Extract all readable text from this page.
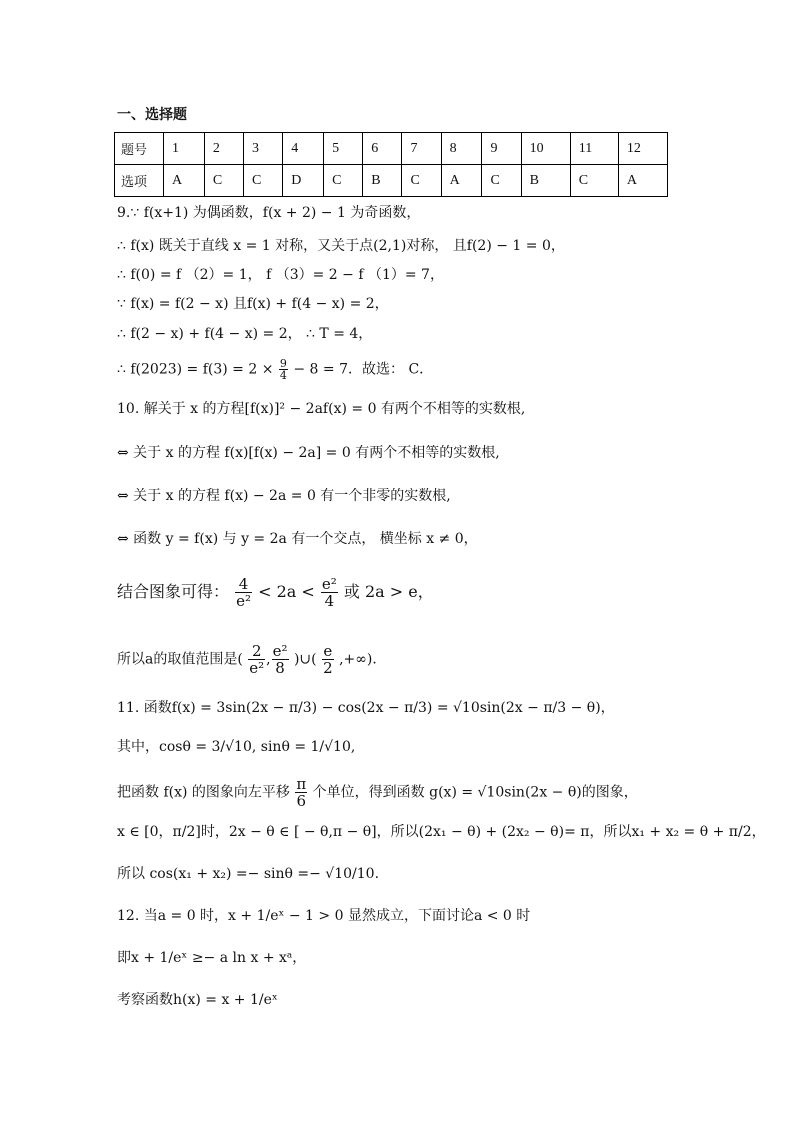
一、选择题
题号	1	2	3	4	5	6	7	8	9	10	11	12
选项	A	C	C	D	C	B	C	A	C	B	C	A
9.∵ f(x+1) 为偶函数，f(x + 2) − 1 为奇函数，
∴ f(x) 既关于直线 x = 1 对称，又关于点(2,1)对称， 且f(2) − 1 = 0，
∴ f(0) = f （2）= 1， f （3）= 2 − f （1）= 7，
∵ f(x) = f(2 − x) 且f(x) + f(4 − x) = 2，
∴ f(2 − x) + f(4 − x) = 2， ∴ T = 4，
∴ $f(2023) = f(3) = 2 \times \frac{9}{4} - 8 = 7$．故选： C．
10. 解关于 x 的方程[f(x)]² − 2af(x) = 0 有两个不相等的实数根,
⇔ 关于 x 的方程 f(x)[f(x) − 2a] = 0 有两个不相等的实数根,
⇔ 关于 x 的方程 f(x) − 2a = 0 有一个非零的实数根,
⇔ 函数 y = f(x) 与 y = 2a 有一个交点， 横坐标 x ≠ 0，
结合图象可得： $\frac{4}{\text{e²}} < 2a < \frac{\text{e²}}{4}$ 或 2a > e，
所以a的取值范围是( $\frac{2}{\text{e²}}$ , $\frac{\text{e²}}{8}$ )∪( $\frac{e}{2}$ ,+∞)．
11. 函数f(x) = 3sin(2x − π/3) − cos(2x − π/3) = √10sin(2x − π/3 − θ)，
其中，cosθ = 3/√10, sinθ = 1/√10,
把函数 f(x) 的图象向左平移 $\frac{\pi}{6}$ 个单位，得到函数 g(x) = √10sin(2x − θ)的图象，
x ∈ [0，π/2]时，2x − θ ∈ [ − θ,π − θ]，所以(2x₁ − θ) + (2x₂ − θ)= π，所以x₁ + x₂ = θ + π/2，
所以 cos(x₁ + x₂) =− sinθ =− √10/10.
12. 当a = 0 时，x + 1/eˣ − 1 > 0 显然成立，下面讨论a < 0 时
即x + 1/eˣ ≥− a ln x + xᵃ，
考察函数h(x) = x + 1/eˣ
